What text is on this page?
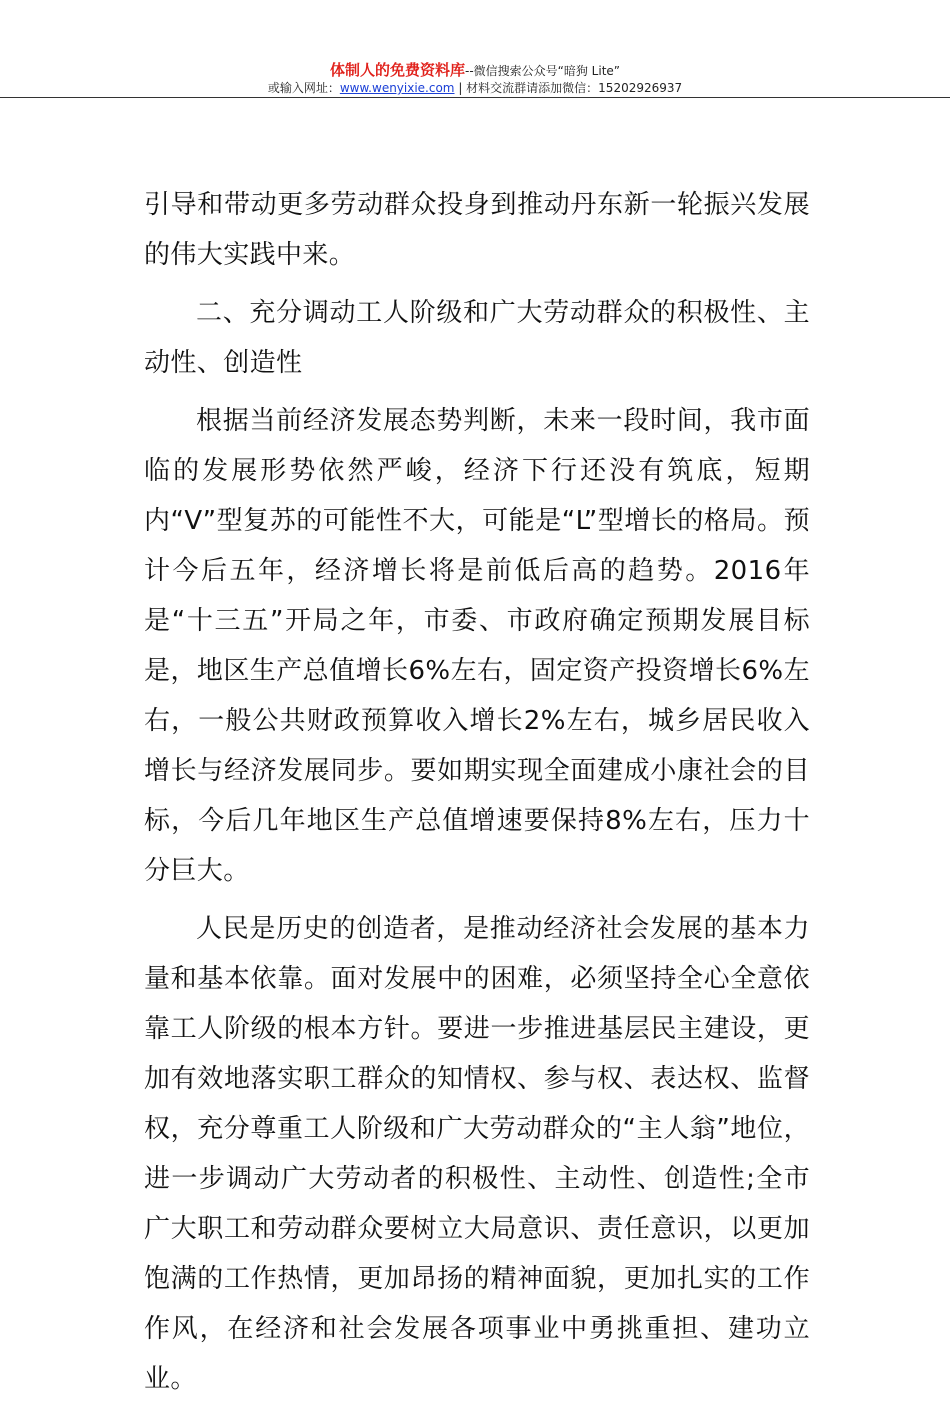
体制人的免费资料库--微信搜索公众号“暗狗 Lite”
或输入网址：www.wenyixie.com | 材料交流群请添加微信：15202926937

引导和带动更多劳动群众投身到推动丹东新一轮振兴发展的伟大实践中来。

二、充分调动工人阶级和广大劳动群众的积极性、主动性、创造性

根据当前经济发展态势判断，未来一段时间，我市面临的发展形势依然严峻，经济下行还没有筑底，短期内“V”型复苏的可能性不大，可能是“L”型增长的格局。预计今后五年，经济增长将是前低后高的趋势。2016年是“十三五”开局之年，市委、市政府确定预期发展目标是，地区生产总值增长6%左右，固定资产投资增长6%左右，一般公共财政预算收入增长2%左右，城乡居民收入增长与经济发展同步。要如期实现全面建成小康社会的目标，今后几年地区生产总值增速要保持8%左右，压力十分巨大。

人民是历史的创造者，是推动经济社会发展的基本力量和基本依靠。面对发展中的困难，必须坚持全心全意依靠工人阶级的根本方针。要进一步推进基层民主建设，更加有效地落实职工群众的知情权、参与权、表达权、监督权，充分尊重工人阶级和广大劳动群众的“主人翁”地位，进一步调动广大劳动者的积极性、主动性、创造性;全市广大职工和劳动群众要树立大局意识、责任意识，以更加饱满的工作热情，更加昂扬的精神面貌，更加扎实的工作作风，在经济和社会发展各项事业中勇挑重担、建功立业。
